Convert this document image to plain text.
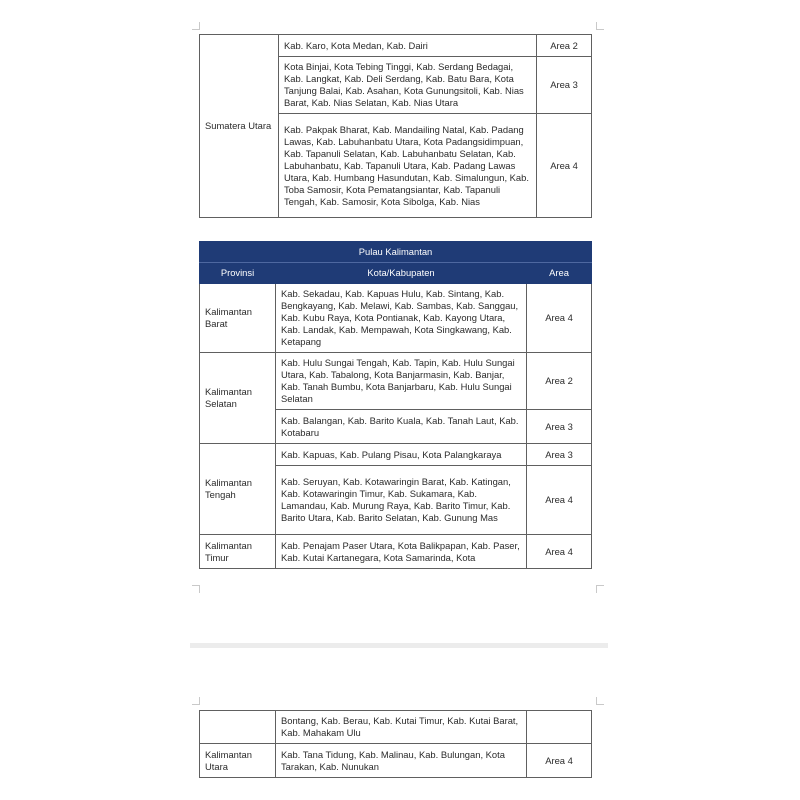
Sumatera Utara	Kab. Karo, Kota Medan, Kab. Dairi	Area 2
	Kota Binjai, Kota Tebing Tinggi, Kab. Serdang Bedagai, Kab. Langkat, Kab. Deli Serdang, Kab. Batu Bara, Kota Tanjung Balai, Kab. Asahan, Kota Gunungsitoli, Kab. Nias Barat, Kab. Nias Selatan, Kab. Nias Utara	Area 3
	Kab. Pakpak Bharat, Kab. Mandailing Natal, Kab. Padang Lawas, Kab. Labuhanbatu Utara, Kota Padangsidimpuan, Kab. Tapanuli Selatan, Kab. Labuhanbatu Selatan, Kab. Labuhanbatu, Kab. Tapanuli Utara, Kab. Padang Lawas Utara, Kab. Humbang Hasundutan, Kab. Simalungun, Kab. Toba Samosir, Kota Pematangsiantar, Kab. Tapanuli Tengah, Kab. Samosir, Kota Sibolga, Kab. Nias	Area 4
Pulau Kalimantan		
Provinsi	Kota/Kabupaten	Area
Kalimantan Barat	Kab. Sekadau, Kab. Kapuas Hulu, Kab. Sintang, Kab. Bengkayang, Kab. Melawi, Kab. Sambas, Kab. Sanggau, Kab. Kubu Raya, Kota Pontianak, Kab. Kayong Utara, Kab. Landak, Kab. Mempawah, Kota Singkawang, Kab. Ketapang	Area 4
Kalimantan Selatan	Kab. Hulu Sungai Tengah, Kab. Tapin, Kab. Hulu Sungai Utara, Kab. Tabalong, Kota Banjarmasin, Kab. Banjar, Kab. Tanah Bumbu, Kota Banjarbaru, Kab. Hulu Sungai Selatan	Area 2
	Kab. Balangan, Kab. Barito Kuala, Kab. Tanah Laut, Kab. Kotabaru	Area 3
Kalimantan Tengah	Kab. Kapuas, Kab. Pulang Pisau, Kota Palangkaraya	Area 3
	Kab. Seruyan, Kab. Kotawaringin Barat, Kab. Katingan, Kab. Kotawaringin Timur, Kab. Sukamara, Kab. Lamandau, Kab. Murung Raya, Kab. Barito Timur, Kab. Barito Utara, Kab. Barito Selatan, Kab. Gunung Mas	Area 4
Kalimantan Timur	Kab. Penajam Paser Utara, Kota Balikpapan, Kab. Paser, Kab. Kutai Kartanegara, Kota Samarinda, Kota	Area 4
	Bontang, Kab. Berau, Kab. Kutai Timur, Kab. Kutai Barat, Kab. Mahakam Ulu	
Kalimantan Utara	Kab. Tana Tidung, Kab. Malinau, Kab. Bulungan, Kota Tarakan, Kab. Nunukan	Area 4
